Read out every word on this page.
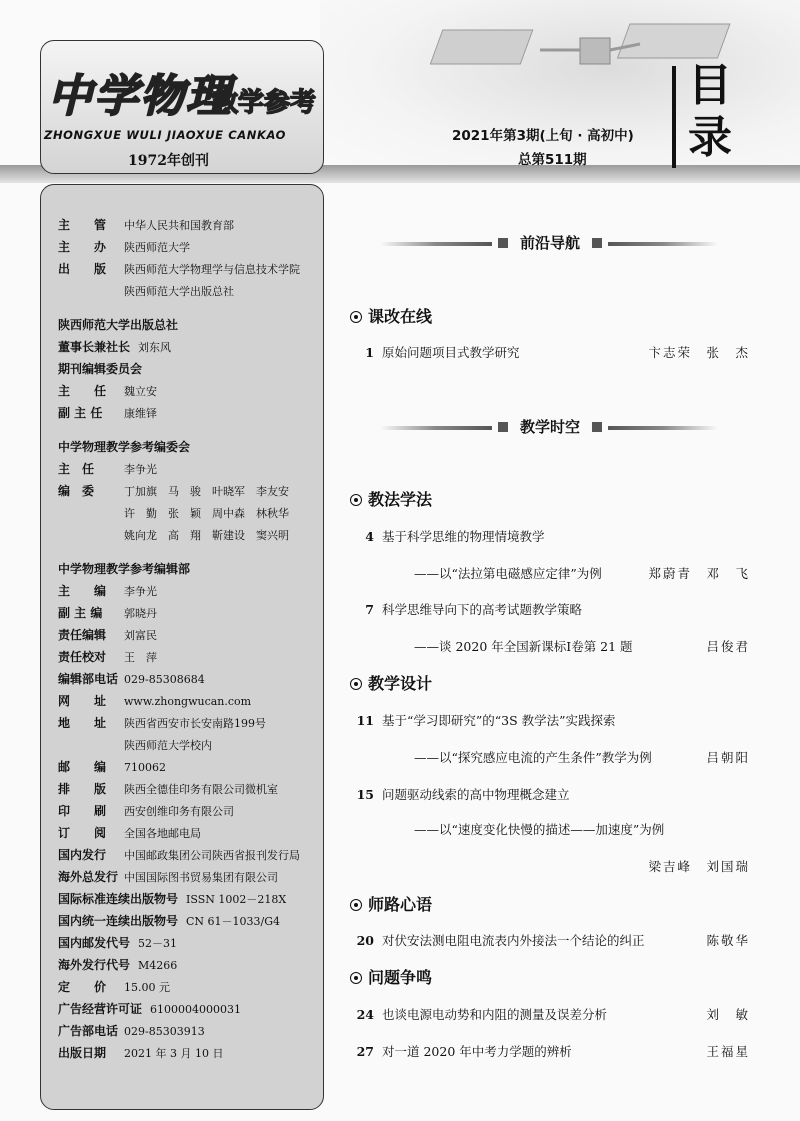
中学物理
教学参考
ZHONGXUE WULI JIAOXUE CANKAO
1972年创刊
2021年第3期(上旬 · 高初中)
总第511期
目录
主　　管 中华人民共和国教育部
主　　办 陕西师范大学
出　　版 陕西师范大学物理学与信息技术学院
陕西师范大学出版总社
陕西师范大学出版总社
董事长兼社长 刘东风
期刊编辑委员会
主　　任 魏立安
副 主 任 康维铎
中学物理教学参考编委会
主　任	李争光
编　委	丁加旗　马　骏　叶晓军　李友安
许　勤　张　颖　周中森　林秋华
姚向龙　高　翔　靳建设　窦兴明
中学物理教学参考编辑部
主　　编 李争光
副 主 编 郭晓丹
责任编辑 刘富民
责任校对 王　萍
编辑部电话 029-85308684
网　　址 www.zhongwucan.com
地　　址 陕西省西安市长安南路199号
陕西师范大学校内
邮　　编 710062
排　　版 陕西全德佳印务有限公司微机室
印　　刷 西安创维印务有限公司
订　　阅 全国各地邮电局
国内发行 中国邮政集团公司陕西省报刊发行局
海外总发行 中国国际图书贸易集团有限公司
国际标准连续出版物号 ISSN 1002－218X
国内统一连续出版物号 CN 61－1033/G4
国内邮发代号 52－31
海外发行代号 M4266
定　　价 15.00 元
广告经营许可证 6100004000031
广告部电话 029-85303913
出版日期 2021 年 3 月 10 日
前沿导航
课改在线
1 原始问题项目式教学研究	卞志荣　张　杰
教学时空
教法学法
4 基于科学思维的物理情境教学
——以“法拉第电磁感应定律”为例	郑蔚青　邓　飞
7 科学思维导向下的高考试题教学策略
——谈 2020 年全国新课标Ⅰ卷第 21 题	吕俊君
教学设计
11 基于“学习即研究”的“3S 教学法”实践探索
——以“探究感应电流的产生条件”教学为例	吕朝阳
15 问题驱动线索的高中物理概念建立
——以“速度变化快慢的描述——加速度”为例
梁吉峰　刘国瑞
师路心语
20 对伏安法测电阻电流表内外接法一个结论的纠正	陈敬华
问题争鸣
24 也谈电源电动势和内阻的测量及误差分析	刘　敏
27 对一道 2020 年中考力学题的辨析	王福星
